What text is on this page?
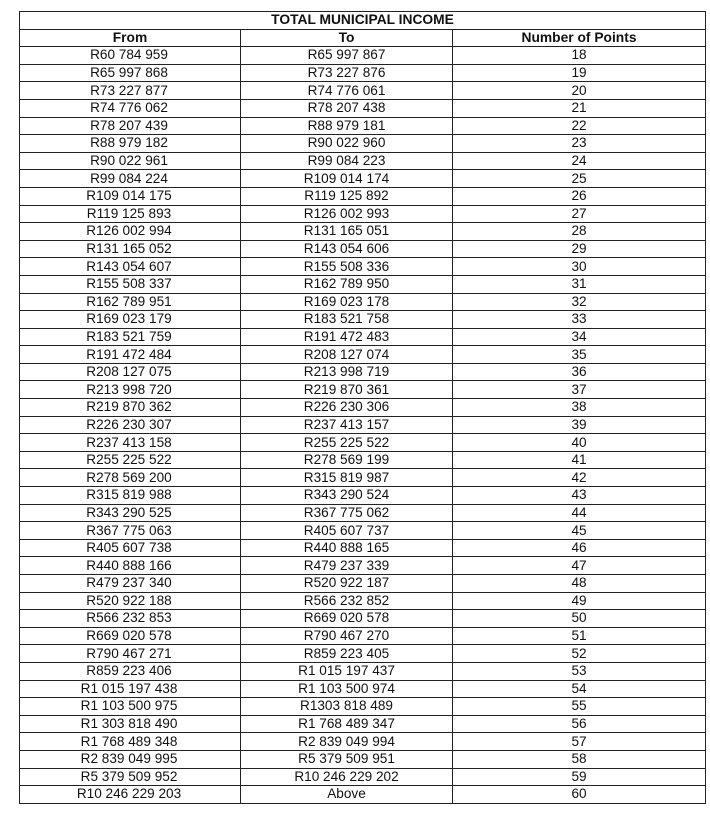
TOTAL MUNICIPAL INCOME		
From	To	Number of Points
R60 784 959	R65 997 867	18
R65 997 868	R73 227 876	19
R73 227 877	R74 776 061	20
R74 776 062	R78 207 438	21
R78 207 439	R88 979 181	22
R88 979 182	R90 022 960	23
R90 022 961	R99 084 223	24
R99 084 224	R109 014 174	25
R109 014 175	R119 125 892	26
R119 125 893	R126 002 993	27
R126 002 994	R131 165 051	28
R131 165 052	R143 054 606	29
R143 054 607	R155 508 336	30
R155 508 337	R162 789 950	31
R162 789 951	R169 023 178	32
R169 023 179	R183 521 758	33
R183 521 759	R191 472 483	34
R191 472 484	R208 127 074	35
R208 127 075	R213 998 719	36
R213 998 720	R219 870 361	37
R219 870 362	R226 230 306	38
R226 230 307	R237 413 157	39
R237 413 158	R255 225 522	40
R255 225 522	R278 569 199	41
R278 569 200	R315 819 987	42
R315 819 988	R343 290 524	43
R343 290 525	R367 775 062	44
R367 775 063	R405 607 737	45
R405 607 738	R440 888 165	46
R440 888 166	R479 237 339	47
R479 237 340	R520 922 187	48
R520 922 188	R566 232 852	49
R566 232 853	R669 020 578	50
R669 020 578	R790 467 270	51
R790 467 271	R859 223 405	52
R859 223 406	R1 015 197 437	53
R1 015 197 438	R1 103 500 974	54
R1 103 500 975	R1303 818 489	55
R1 303 818 490	R1 768 489 347	56
R1 768 489 348	R2 839 049 994	57
R2 839 049 995	R5 379 509 951	58
R5 379 509 952	R10 246 229 202	59
R10 246 229 203	Above	60
